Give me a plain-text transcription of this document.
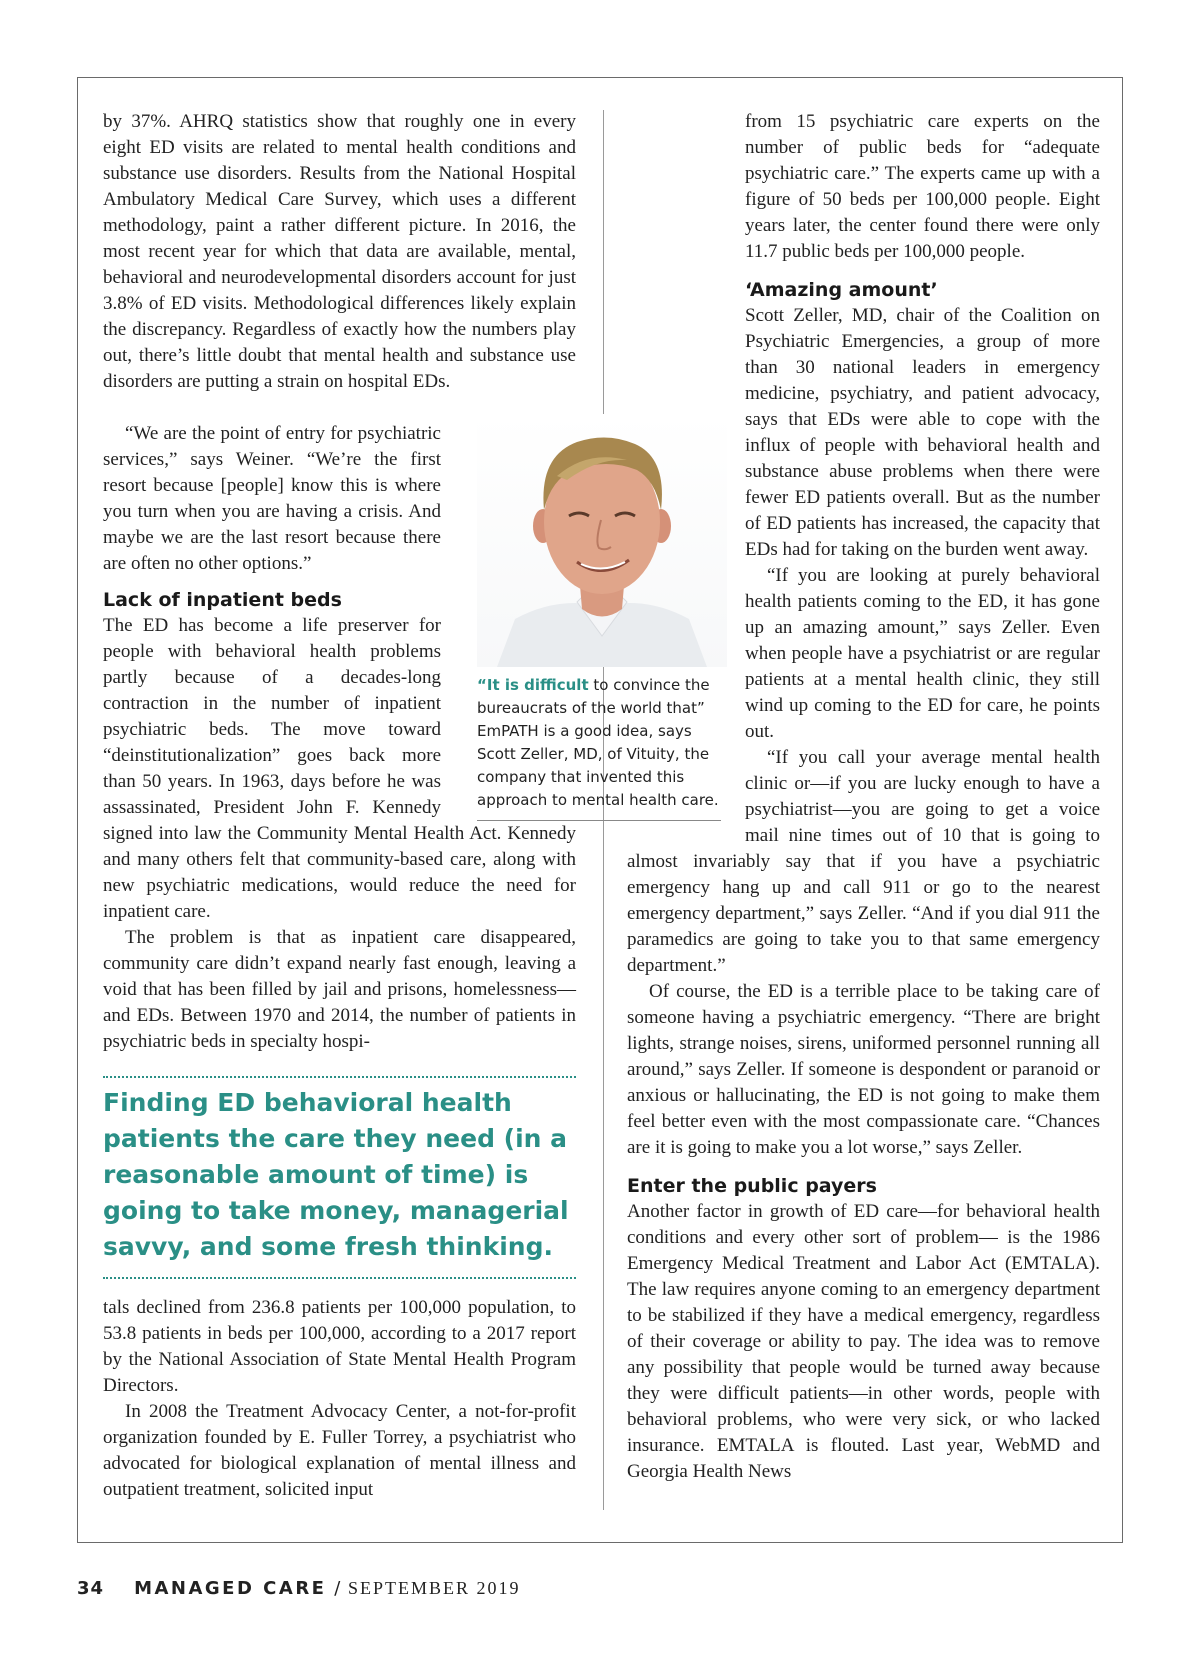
by 37%. AHRQ statistics show that roughly one in every eight ED visits are related to mental health conditions and substance use disorders. Results from the National Hospital Ambulatory Medical Care Survey, which uses a different methodology, paint a rather different picture. In 2016, the most recent year for which that data are available, mental, behavioral and neurodevelopmental disorders account for just 3.8% of ED visits. Methodological differences likely explain the discrepancy. Regardless of exactly how the numbers play out, there’s little doubt that mental health and substance use disorders are putting a strain on hospital EDs.

“We are the point of entry for psychiatric services,” says Weiner. “We’re the first resort because [people] know this is where you turn when you are having a crisis. And maybe we are the last resort because there are often no other options.”

Lack of inpatient beds

The ED has become a life preserver for people with behavioral health problems partly because of a decades-long contraction in the number of inpatient psychiatric beds. The move toward “deinstitutionalization” goes back more than 50 years. In 1963, days before he was assassinated, President John F. Kennedy signed into law the Community Mental Health Act. Kennedy and many others felt that community-based care, along with new psychiatric medications, would reduce the need for inpatient care.

The problem is that as inpatient care disappeared, community care didn’t expand nearly fast enough, leaving a void that has been filled by jail and prisons, homelessness—and EDs. Between 1970 and 2014, the number of patients in psychiatric beds in specialty hospi-

Finding ED behavioral health patients the care they need (in a reasonable amount of time) is going to take money, managerial savvy, and some fresh thinking.

tals declined from 236.8 patients per 100,000 population, to 53.8 patients in beds per 100,000, according to a 2017 report by the National Association of State Mental Health Program Directors.

In 2008 the Treatment Advocacy Center, a not-for-profit organization founded by E. Fuller Torrey, a psychiatrist who advocated for biological explanation of mental illness and outpatient treatment, solicited input

“It is difficult to convince the bureaucrats of the world that” EmPATH is a good idea, says Scott Zeller, MD, of Vituity, the company that invented this approach to mental health care.
34 MANAGED CARE / SEPTEMBER 2019

from 15 psychiatric care experts on the number of public beds for “adequate psychiatric care.” The experts came up with a figure of 50 beds per 100,000 people. Eight years later, the center found there were only 11.7 public beds per 100,000 people.

‘Amazing amount’

Scott Zeller, MD, chair of the Coalition on Psychiatric Emergencies, a group of more than 30 national leaders in emergency medicine, psychiatry, and patient advocacy, says that EDs were able to cope with the influx of people with behavioral health and substance abuse problems when there were fewer ED patients overall. But as the number of ED patients has increased, the capacity that EDs had for taking on the burden went away.

“If you are looking at purely behavioral health patients coming to the ED, it has gone up an amazing amount,” says Zeller. Even when people have a psychiatrist or are regular patients at a mental health clinic, they still wind up coming to the ED for care, he points out.

“If you call your average mental health clinic or—if you are lucky enough to have a psychiatrist—you are going to get a voice mail nine times out of 10 that is going to almost invariably say that if you have a psychiatric emergency hang up and call 911 or go to the nearest emergency department,” says Zeller. “And if you dial 911 the paramedics are going to take you to that same emergency department.”

Of course, the ED is a terrible place to be taking care of someone having a psychiatric emergency. “There are bright lights, strange noises, sirens, uniformed personnel running all around,” says Zeller. If someone is despondent or paranoid or anxious or hallucinating, the ED is not going to make them feel better even with the most compassionate care. “Chances are it is going to make you a lot worse,” says Zeller.

Enter the public payers

Another factor in growth of ED care—for behavioral health conditions and every other sort of problem— is the 1986 Emergency Medical Treatment and Labor Act (EMTALA). The law requires anyone coming to an emergency department to be stabilized if they have a medical emergency, regardless of their coverage or ability to pay. The idea was to remove any possibility that people would be turned away because they were difficult patients—in other words, people with behavioral problems, who were very sick, or who lacked insurance. EMTALA is flouted. Last year, WebMD and Georgia Health News
